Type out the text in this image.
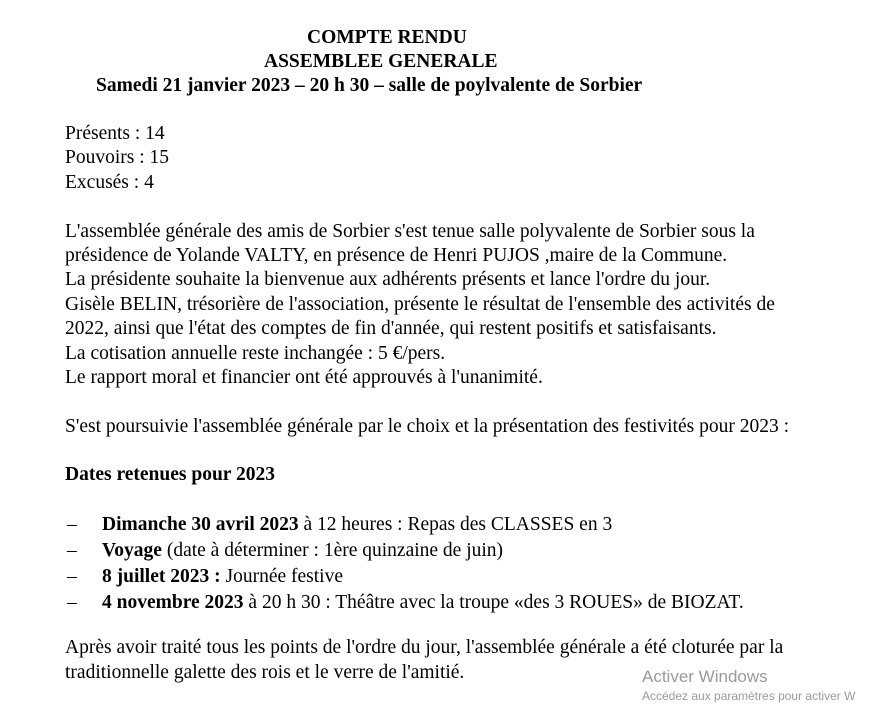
COMPTE RENDU
ASSEMBLEE GENERALE
Samedi 21 janvier 2023 – 20 h 30 – salle de poylvalente de Sorbier
Présents : 14
Pouvoirs : 15
Excusés : 4
L'assemblée générale des amis de Sorbier s'est tenue salle polyvalente de Sorbier sous la
présidence de Yolande VALTY, en présence de Henri PUJOS ,maire de la Commune.
La présidente souhaite la bienvenue aux adhérents présents et lance l'ordre du jour.
Gisèle BELIN, trésorière de l'association, présente le résultat de l'ensemble des activités de
2022, ainsi que l'état des comptes de fin d'année, qui restent positifs et satisfaisants.
La cotisation annuelle reste inchangée : 5 €/pers.
Le rapport moral et financier ont été approuvés à l'unanimité.
S'est poursuivie l'assemblée générale par le choix et la présentation des festivités pour 2023 :
Dates retenues pour 2023
– Dimanche 30 avril 2023 à 12 heures : Repas des CLASSES en 3
– Voyage (date à déterminer : 1ère quinzaine de juin)
– 8 juillet 2023 : Journée festive
– 4 novembre 2023 à 20 h 30 : Théâtre avec la troupe «des 3 ROUES» de BIOZAT.
Après avoir traité tous les points de l'ordre du jour, l'assemblée générale a été cloturée par la
traditionnelle galette des rois et le verre de l'amitié.	Activer Windows
Accédez aux paramètres pour activer W
